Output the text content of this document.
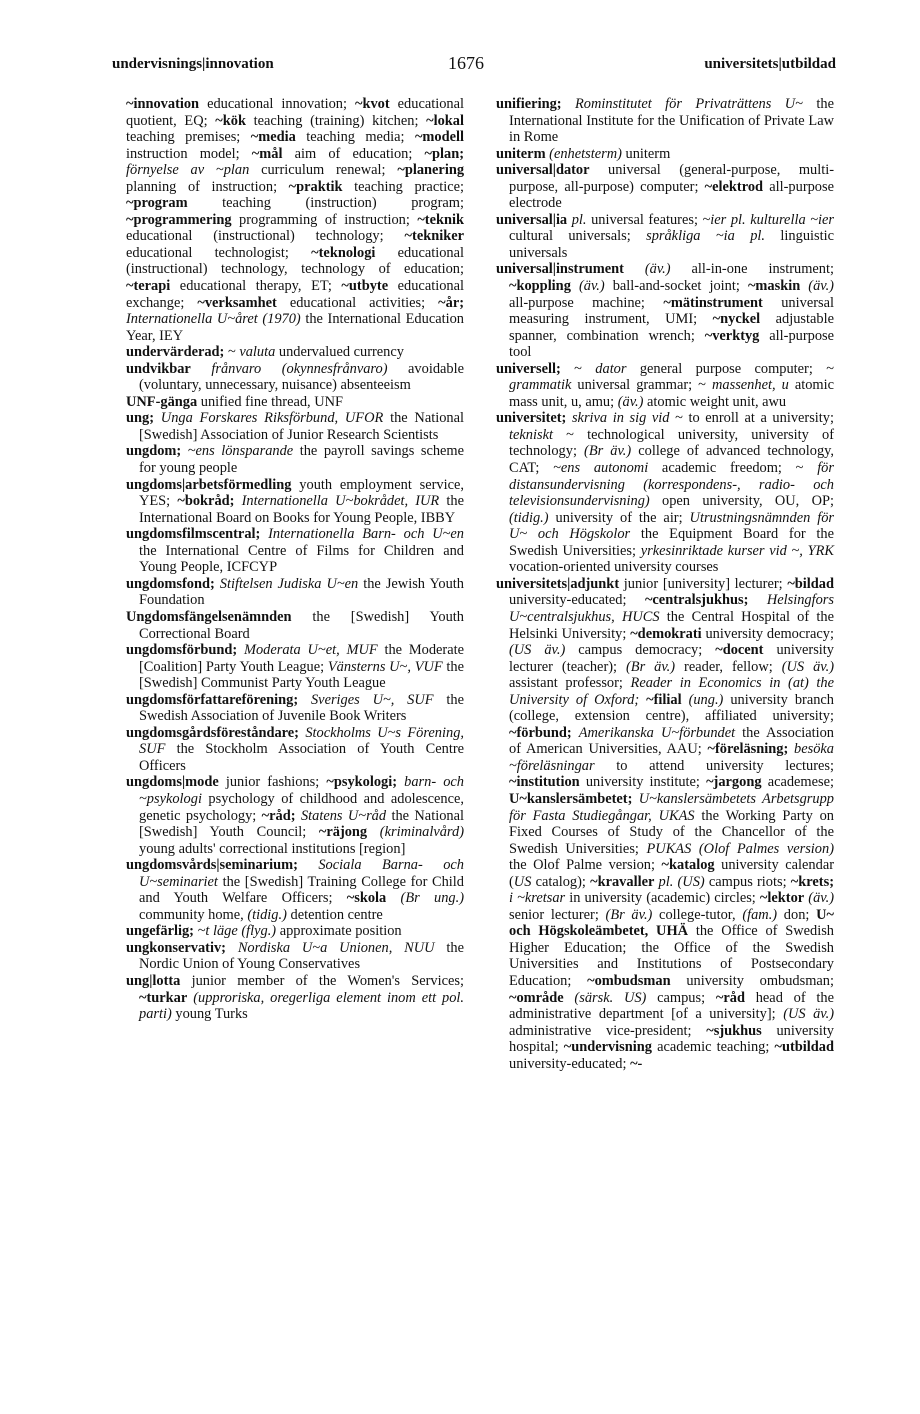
undervisnings|innovation	1676	universitets|utbildad

~innovation educational innovation; ~kvot educational quotient, EQ; ~kök teaching (training) kitchen; ~lokal teaching premises; ~media teaching media; ~modell instruction model; ~mål aim of education; ~plan; förnyelse av ~plan curriculum renewal; ~planering planning of instruction; ~praktik teaching practice; ~program teaching (instruction) program; ~programmering programming of instruction; ~teknik educational (instructional) technology; ~tekniker educational technologist; ~teknologi educational (instructional) technology, technology of education; ~terapi educational therapy, ET; ~utbyte educational exchange; ~verksamhet educational activities; ~år; Internationella U~året (1970) the International Education Year, IEY

undervärderad; ~ valuta undervalued currency

undvikbar frånvaro (okynnesfrånvaro) avoidable (voluntary, unnecessary, nuisance) absenteeism

UNF-gänga unified fine thread, UNF

ung; Unga Forskares Riksförbund, UFOR the National [Swedish] Association of Junior Research Scientists

ungdom; ~ens lönsparande the payroll savings scheme for young people

ungdoms|arbetsförmedling youth employment service, YES; ~bokråd; Internationella U~bokrådet, IUR the International Board on Books for Young People, IBBY

ungdomsfilmscentral; Internationella Barn- och U~en the International Centre of Films for Children and Young People, ICFCYP

ungdomsfond; Stiftelsen Judiska U~en the Jewish Youth Foundation

Ungdomsfängelsenämnden the [Swedish] Youth Correctional Board

ungdomsförbund; Moderata U~et, MUF the Moderate [Coalition] Party Youth League; Vänsterns U~, VUF the [Swedish] Communist Party Youth League

ungdomsförfattareförening; Sveriges U~, SUF the Swedish Association of Juvenile Book Writers

ungdomsgårdsföreståndare; Stockholms U~s Förening, SUF the Stockholm Association of Youth Centre Officers

ungdoms|mode junior fashions; ~psykologi; barn- och ~psykologi psychology of childhood and adolescence, genetic psychology; ~råd; Statens U~råd the National [Swedish] Youth Council; ~räjong (kriminalvård) young adults' correctional institutions [region]

ungdomsvårds|seminarium; Sociala Barna- och U~seminariet the [Swedish] Training College for Child and Youth Welfare Officers; ~skola (Br ung.) community home, (tidig.) detention centre

ungefärlig; ~t läge (flyg.) approximate position

ungkonservativ; Nordiska U~a Unionen, NUU the Nordic Union of Young Conservatives

ung|lotta junior member of the Women's Services; ~turkar (upproriska, oregerliga element inom ett pol. parti) young Turks

unifiering; Rominstitutet för Privaträttens U~ the International Institute for the Unification of Private Law in Rome

uniterm (enhetsterm) uniterm

universal|dator universal (general-purpose, multi-purpose, all-purpose) computer; ~elektrod all-purpose electrode

universal|ia pl. universal features; ~ier pl. kulturella ~ier cultural universals; språkliga ~ia pl. linguistic universals

universal|instrument (äv.) all-in-one instrument; ~koppling (äv.) ball-and-socket joint; ~maskin (äv.) all-purpose machine; ~mätinstrument universal measuring instrument, UMI; ~nyckel adjustable spanner, combination wrench; ~verktyg all-purpose tool

universell; ~ dator general purpose computer; ~ grammatik universal grammar; ~ massenhet, u atomic mass unit, u, amu; (äv.) atomic weight unit, awu

universitet; skriva in sig vid ~ to enroll at a university; tekniskt ~ technological university, university of technology; (Br äv.) college of advanced technology, CAT; ~ens autonomi academic freedom; ~ för distansundervisning (korrespondens-, radio- och televisionsundervisning) open university, OU, OP; (tidig.) university of the air; Utrustningsnämnden för U~ och Högskolor the Equipment Board for the Swedish Universities; yrkesinriktade kurser vid ~, YRK vocation-oriented university courses

universitets|adjunkt junior [university] lecturer; ~bildad university-educated; ~centralsjukhus; Helsingfors U~centralsjukhus, HUCS the Central Hospital of the Helsinki University; ~demokrati university democracy; (US äv.) campus democracy; ~docent university lecturer (teacher); (Br äv.) reader, fellow; (US äv.) assistant professor; Reader in Economics in (at) the University of Oxford; ~filial (ung.) university branch (college, extension centre), affiliated university; ~förbund; Amerikanska U~förbundet the Association of American Universities, AAU; ~föreläsning; besöka ~föreläsningar to attend university lectures; ~institution university institute; ~jargong academese; U~kanslersämbetet; U~kanslersämbetets Arbetsgrupp för Fasta Studiegångar, UKAS the Working Party on Fixed Courses of Study of the Chancellor of the Swedish Universities; PUKAS (Olof Palmes version) the Olof Palme version; ~katalog university calendar (US catalog); ~kravaller pl. (US) campus riots; ~krets; i ~kretsar in university (academic) circles; ~lektor (äv.) senior lecturer; (Br äv.) college-tutor, (fam.) don; U~ och Högskoleämbetet, UHÄ the Office of Swedish Higher Education; the Office of the Swedish Universities and Institutions of Postsecondary Education; ~ombudsman university ombudsman; ~område (särsk. US) campus; ~råd head of the administrative department [of a university]; (US äv.) administrative vice-president; ~sjukhus university hospital; ~undervisning academic teaching; ~utbildad university-educated; ~-
